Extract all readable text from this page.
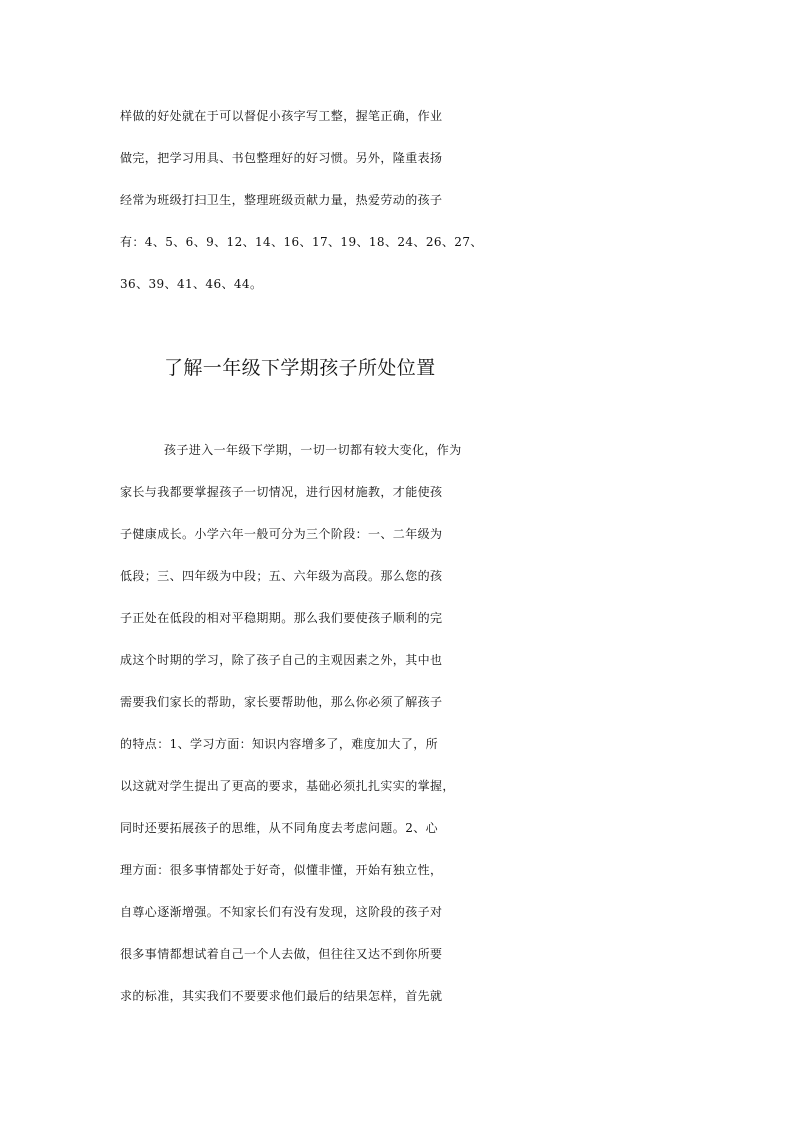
样做的好处就在于可以督促小孩字写工整，握笔正确，作业
做完，把学习用具、书包整理好的好习惯。另外，隆重表扬
经常为班级打扫卫生，整理班级贡献力量，热爱劳动的孩子
有：4、5、6、9、12、14、16、17、19、18、24、26、27、
36、39、41、46、44。
了解一年级下学期孩子所处位置
孩子进入一年级下学期，一切一切都有较大变化，作为
家长与我都要掌握孩子一切情况，进行因材施教，才能使孩
子健康成长。小学六年一般可分为三个阶段：一、二年级为
低段；三、四年级为中段；五、六年级为高段。那么您的孩
子正处在低段的相对平稳期期。那么我们要使孩子顺利的完
成这个时期的学习，除了孩子自己的主观因素之外，其中也
需要我们家长的帮助，家长要帮助他，那么你必须了解孩子
的特点：1、学习方面：知识内容增多了，难度加大了，所
以这就对学生提出了更高的要求，基础必须扎扎实实的掌握，
同时还要拓展孩子的思维，从不同角度去考虑问题。2、心
理方面：很多事情都处于好奇，似懂非懂，开始有独立性，
自尊心逐渐增强。不知家长们有没有发现，这阶段的孩子对
很多事情都想试着自己一个人去做，但往往又达不到你所要
求的标准，其实我们不要要求他们最后的结果怎样，首先就
